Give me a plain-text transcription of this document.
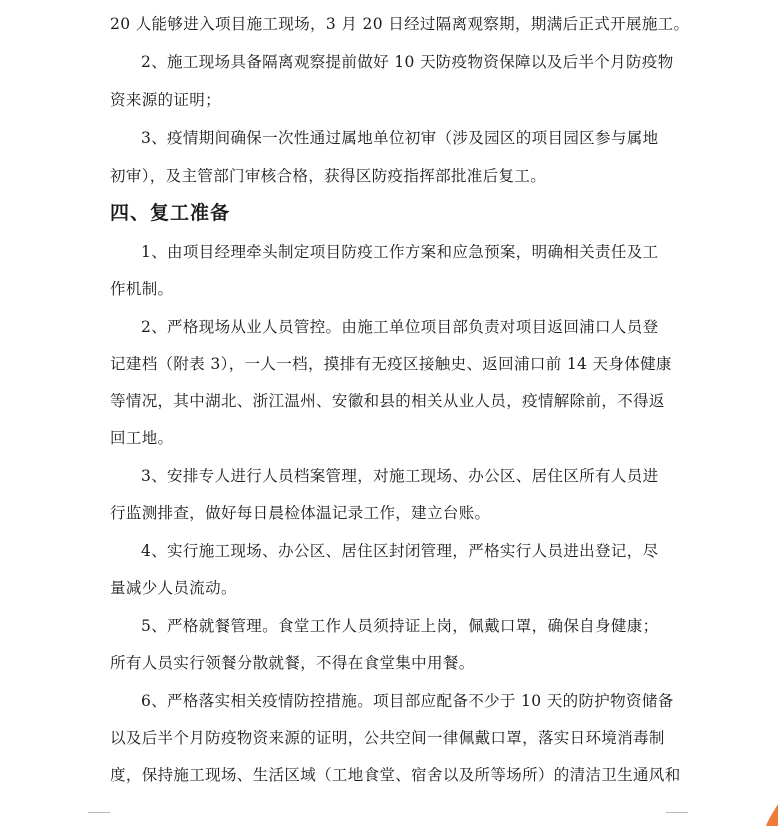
20 人能够进入项目施工现场，3 月 20 日经过隔离观察期，期满后正式开展施工。
2、施工现场具备隔离观察提前做好 10 天防疫物资保障以及后半个月防疫物
资来源的证明；
3、疫情期间确保一次性通过属地单位初审（涉及园区的项目园区参与属地
初审），及主管部门审核合格，获得区防疫指挥部批准后复工。
四、复工准备
1、由项目经理牵头制定项目防疫工作方案和应急预案，明确相关责任及工
作机制。
2、严格现场从业人员管控。由施工单位项目部负责对项目返回浦口人员登
记建档（附表 3），一人一档，摸排有无疫区接触史、返回浦口前 14 天身体健康
等情况，其中湖北、浙江温州、安徽和县的相关从业人员，疫情解除前，不得返
回工地。
3、安排专人进行人员档案管理，对施工现场、办公区、居住区所有人员进
行监测排查，做好每日晨检体温记录工作，建立台账。
4、实行施工现场、办公区、居住区封闭管理，严格实行人员进出登记，尽
量减少人员流动。
5、严格就餐管理。食堂工作人员须持证上岗，佩戴口罩，确保自身健康；
所有人员实行领餐分散就餐，不得在食堂集中用餐。
6、严格落实相关疫情防控措施。项目部应配备不少于 10 天的防护物资储备
以及后半个月防疫物资来源的证明，公共空间一律佩戴口罩，落实日环境消毒制
度，保持施工现场、生活区域（工地食堂、宿舍以及所等场所）的清洁卫生通风和
